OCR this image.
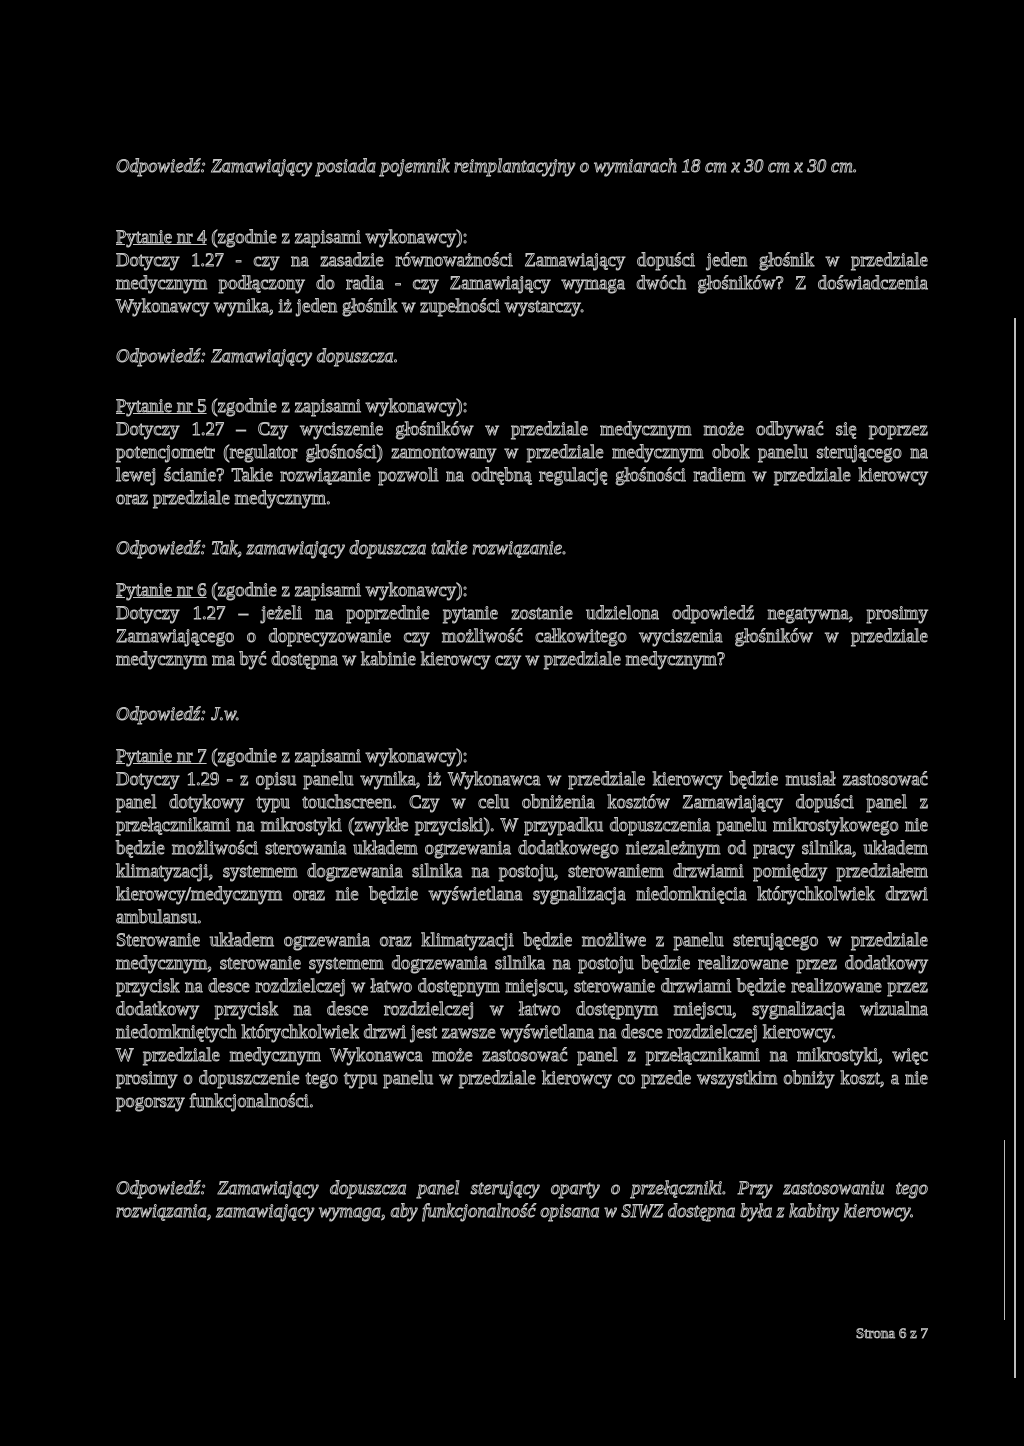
Odpowiedź: Zamawiający posiada pojemnik reimplantacyjny o wymiarach 18 cm x 30 cm x 30 cm.

Pytanie nr 4 (zgodnie z zapisami wykonawcy):

Dotyczy 1.27 - czy na zasadzie równoważności Zamawiający dopuści jeden głośnik w przedziale medycznym podłączony do radia - czy Zamawiający wymaga dwóch głośników? Z doświadczenia Wykonawcy wynika, iż jeden głośnik w zupełności wystarczy.

Odpowiedź: Zamawiający dopuszcza.

Pytanie nr 5 (zgodnie z zapisami wykonawcy):

Dotyczy 1.27 – Czy wyciszenie głośników w przedziale medycznym może odbywać się poprzez potencjometr (regulator głośności) zamontowany w przedziale medycznym obok panelu sterującego na lewej ścianie? Takie rozwiązanie pozwoli na odrębną regulację głośności radiem w przedziale kierowcy oraz przedziale medycznym.

Odpowiedź: Tak, zamawiający dopuszcza takie rozwiązanie.

Pytanie nr 6 (zgodnie z zapisami wykonawcy):

Dotyczy 1.27 – jeżeli na poprzednie pytanie zostanie udzielona odpowiedź negatywna, prosimy Zamawiającego o doprecyzowanie czy możliwość całkowitego wyciszenia głośników w przedziale medycznym ma być dostępna w kabinie kierowcy czy w przedziale medycznym?

Odpowiedź: J.w.

Pytanie nr 7 (zgodnie z zapisami wykonawcy):

Dotyczy 1.29 - z opisu panelu wynika, iż Wykonawca w przedziale kierowcy będzie musiał zastosować panel dotykowy typu touchscreen. Czy w celu obniżenia kosztów Zamawiający dopuści panel z przełącznikami na mikrostyki (zwykłe przyciski). W przypadku dopuszczenia panelu mikrostykowego nie będzie możliwości sterowania układem ogrzewania dodatkowego niezależnym od pracy silnika, układem klimatyzacji, systemem dogrzewania silnika na postoju, sterowaniem drzwiami pomiędzy przedziałem kierowcy/medycznym oraz nie będzie wyświetlana sygnalizacja niedomknięcia którychkolwiek drzwi ambulansu.

Sterowanie układem ogrzewania oraz klimatyzacji będzie możliwe z panelu sterującego w przedziale medycznym, sterowanie systemem dogrzewania silnika na postoju będzie realizowane przez dodatkowy przycisk na desce rozdzielczej w łatwo dostępnym miejscu, sterowanie drzwiami będzie realizowane przez dodatkowy przycisk na desce rozdzielczej w łatwo dostępnym miejscu, sygnalizacja wizualna niedomkniętych którychkolwiek drzwi jest zawsze wyświetlana na desce rozdzielczej kierowcy.

W przedziale medycznym Wykonawca może zastosować panel z przełącznikami na mikrostyki, więc prosimy o dopuszczenie tego typu panelu w przedziale kierowcy co przede wszystkim obniży koszt, a nie pogorszy funkcjonalności.

Odpowiedź: Zamawiający dopuszcza panel sterujący oparty o przełączniki. Przy zastosowaniu tego rozwiązania, zamawiający wymaga, aby funkcjonalność opisana w SIWZ dostępna była z kabiny kierowcy.

Strona 6 z 7
